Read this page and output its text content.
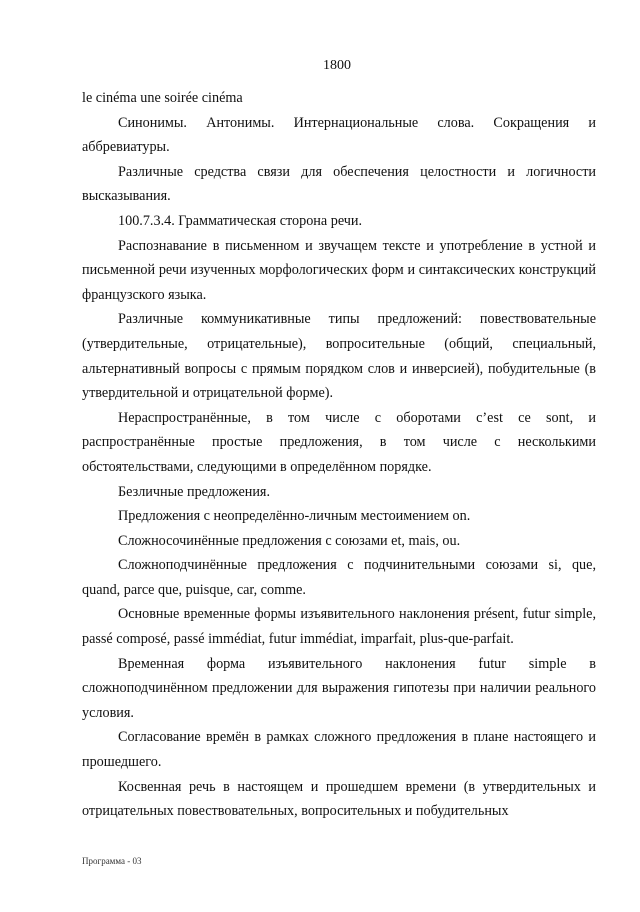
1800

le cinéma une soirée cinéma

Синонимы. Антонимы. Интернациональные слова. Сокращения и аббревиатуры.

Различные средства связи для обеспечения целостности и логичности высказывания.

100.7.3.4. Грамматическая сторона речи.

Распознавание в письменном и звучащем тексте и употребление в устной и письменной речи изученных морфологических форм и синтаксических конструкций французского языка.

Различные коммуникативные типы предложений: повествовательные (утвердительные, отрицательные), вопросительные (общий, специальный, альтернативный вопросы с прямым порядком слов и инверсией), побудительные (в утвердительной и отрицательной форме).

Нераспространённые, в том числе с оборотами c’est ce sont, и распространённые простые предложения, в том числе с несколькими обстоятельствами, следующими в определённом порядке.

Безличные предложения.

Предложения с неопределённо-личным местоимением on.

Сложносочинённые предложения с союзами et, mais, ou.

Сложноподчинённые предложения с подчинительными союзами si, que, quand, parce que, puisque, car, comme.

Основные временные формы изъявительного наклонения présent, futur simple, passé composé, passé immédiat, futur immédiat, imparfait, plus-que-parfait.

Временная форма изъявительного наклонения futur simple в сложноподчинённом предложении для выражения гипотезы при наличии реального условия.

Согласование времён в рамках сложного предложения в плане настоящего и прошедшего.

Косвенная речь в настоящем и прошедшем времени (в утвердительных и отрицательных повествовательных, вопросительных и побудительных

Программа - 03
